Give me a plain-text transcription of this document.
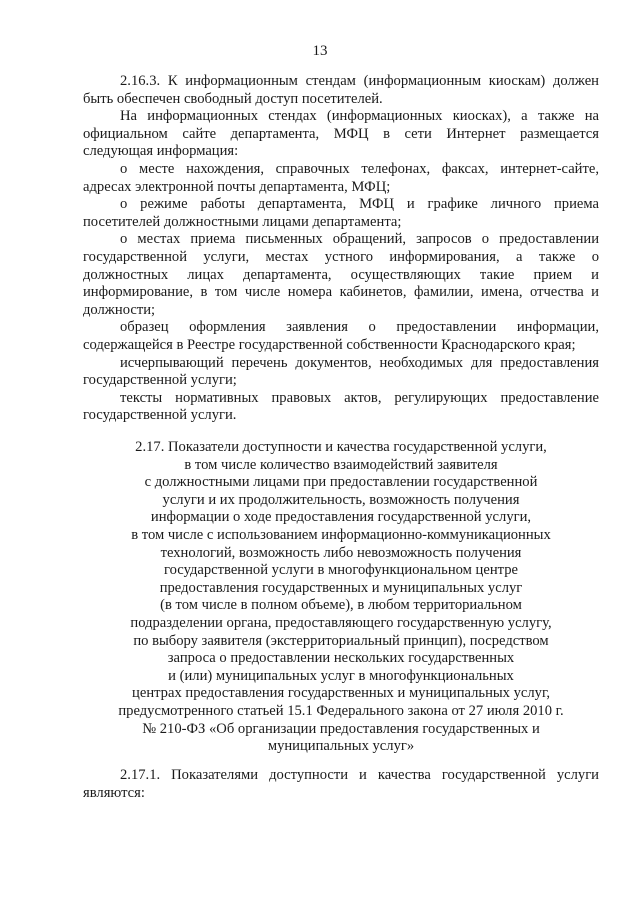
13
2.16.3. К информационным стендам (информационным киоскам) должен
быть обеспечен свободный доступ посетителей.
На информационных стендах (информационных киосках), а также на
официальном сайте департамента, МФЦ в сети Интернет размещается
следующая информация:
о месте нахождения, справочных телефонах, факсах, интернет-сайте,
адресах электронной почты департамента, МФЦ;
о режиме работы департамента, МФЦ и графике личного приема
посетителей должностными лицами департамента;
о местах приема письменных обращений, запросов о предоставлении
государственной услуги, местах устного информирования, а также о
должностных лицах департамента, осуществляющих такие прием и
информирование, в том числе номера кабинетов, фамилии, имена, отчества и
должности;
образец оформления заявления о предоставлении информации,
содержащейся в Реестре государственной собственности Краснодарского края;
исчерпывающий перечень документов, необходимых для предоставления
государственной услуги;
тексты нормативных правовых актов, регулирующих предоставление
государственной услуги.
2.17. Показатели доступности и качества государственной услуги,
в том числе количество взаимодействий заявителя
с должностными лицами при предоставлении государственной
услуги и их продолжительность, возможность получения
информации о ходе предоставления государственной услуги,
в том числе с использованием информационно-коммуникационных
технологий, возможность либо невозможность получения
государственной услуги в многофункциональном центре
предоставления государственных и муниципальных услуг
(в том числе в полном объеме), в любом территориальном
подразделении органа, предоставляющего государственную услугу,
по выбору заявителя (экстерриториальный принцип), посредством
запроса о предоставлении нескольких государственных
и (или) муниципальных услуг в многофункциональных
центрах предоставления государственных и муниципальных услуг,
предусмотренного статьей 15.1 Федерального закона от 27 июля 2010 г.
№ 210-ФЗ «Об организации предоставления государственных и
муниципальных услуг»
2.17.1. Показателями доступности и качества государственной услуги
являются:
